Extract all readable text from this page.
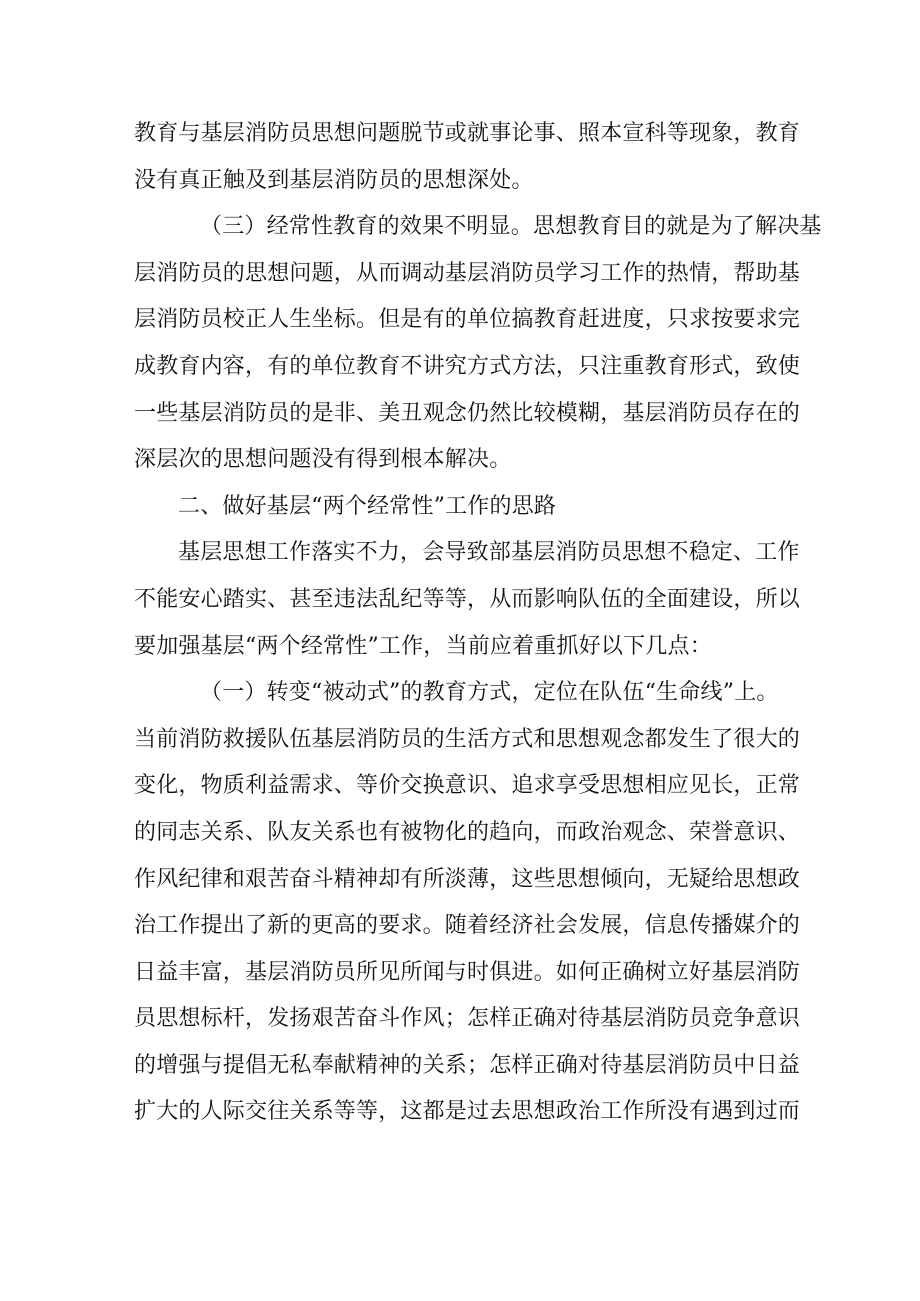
教育与基层消防员思想问题脱节或就事论事、照本宣科等现象，教育
没有真正触及到基层消防员的思想深处。
（三）经常性教育的效果不明显。思想教育目的就是为了解决基
层消防员的思想问题，从而调动基层消防员学习工作的热情，帮助基
层消防员校正人生坐标。但是有的单位搞教育赶进度，只求按要求完
成教育内容，有的单位教育不讲究方式方法，只注重教育形式，致使
一些基层消防员的是非、美丑观念仍然比较模糊，基层消防员存在的
深层次的思想问题没有得到根本解决。
二、做好基层“两个经常性”工作的思路
基层思想工作落实不力，会导致部基层消防员思想不稳定、工作
不能安心踏实、甚至违法乱纪等等，从而影响队伍的全面建设，所以
要加强基层“两个经常性”工作，当前应着重抓好以下几点：
（一）转变“被动式”的教育方式，定位在队伍“生命线”上。
当前消防救援队伍基层消防员的生活方式和思想观念都发生了很大的
变化，物质利益需求、等价交换意识、追求享受思想相应见长，正常
的同志关系、队友关系也有被物化的趋向，而政治观念、荣誉意识、
作风纪律和艰苦奋斗精神却有所淡薄，这些思想倾向，无疑给思想政
治工作提出了新的更高的要求。随着经济社会发展，信息传播媒介的
日益丰富，基层消防员所见所闻与时俱进。如何正确树立好基层消防
员思想标杆，发扬艰苦奋斗作风；怎样正确对待基层消防员竞争意识
的增强与提倡无私奉献精神的关系；怎样正确对待基层消防员中日益
扩大的人际交往关系等等，这都是过去思想政治工作所没有遇到过而
